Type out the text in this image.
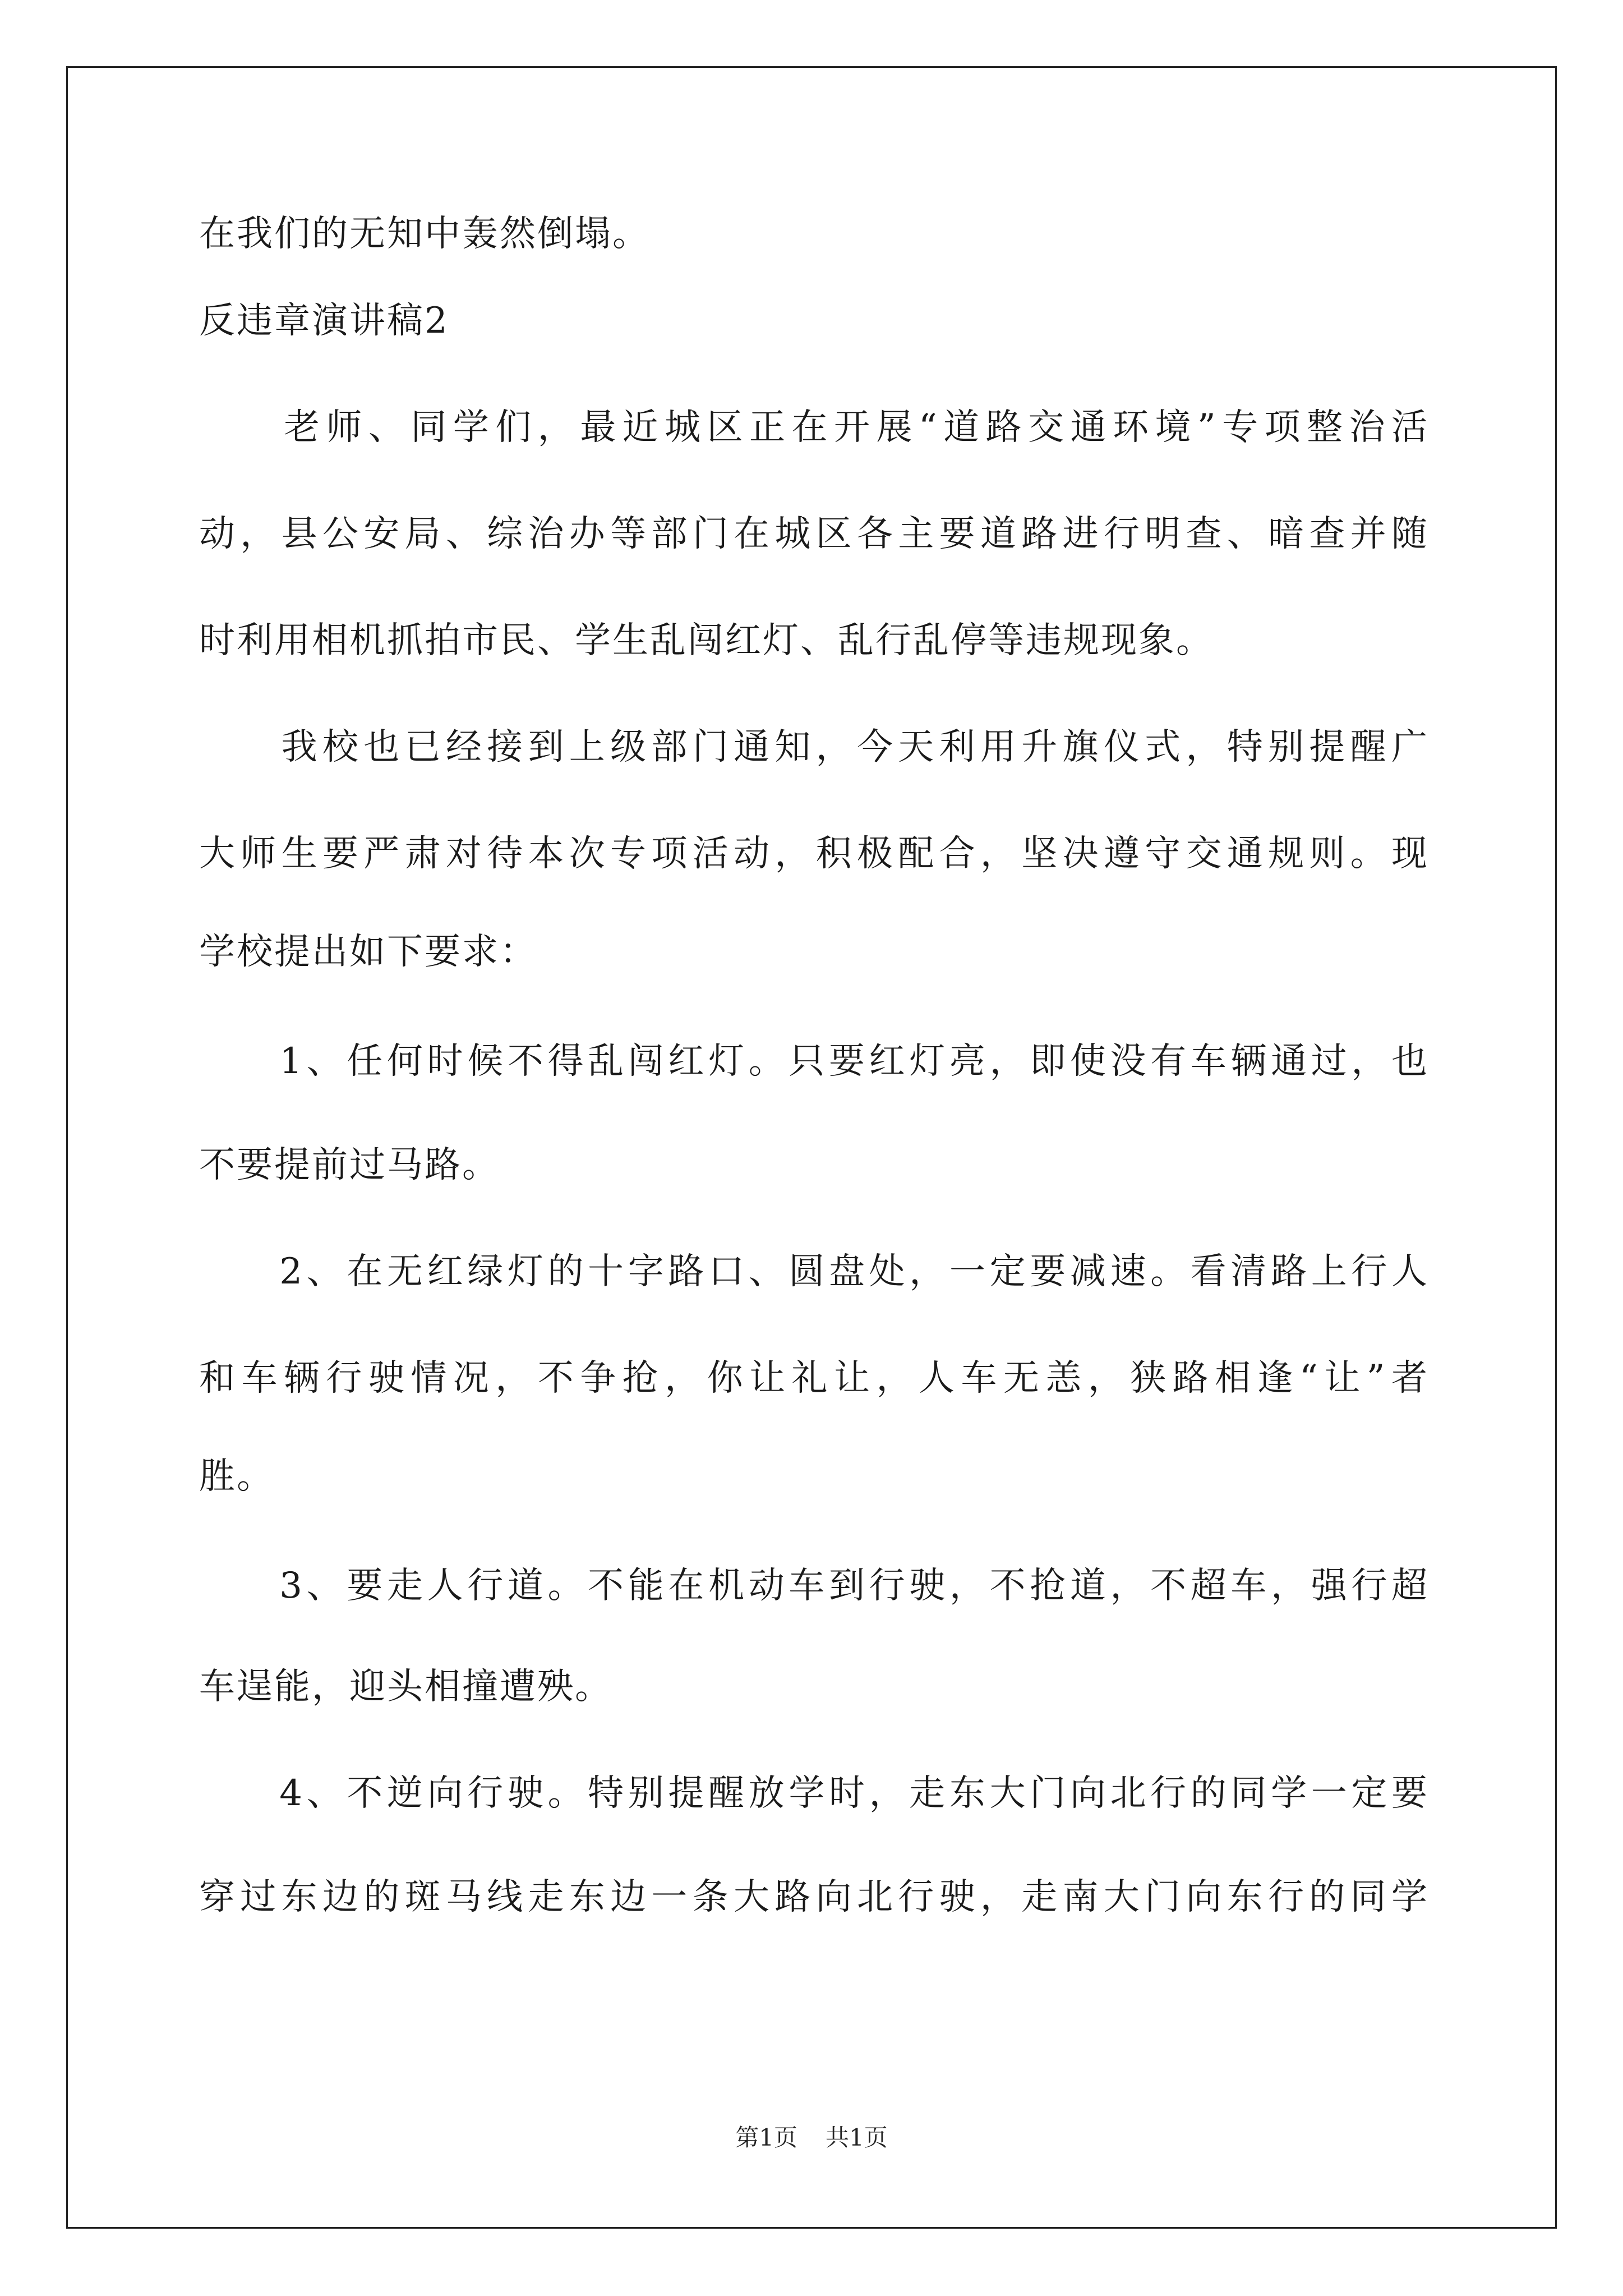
在我们的无知中轰然倒塌。
反违章演讲稿2
　　老师、同学们，最近城区正在开展“道路交通环境”专项整治活
动，县公安局、综治办等部门在城区各主要道路进行明查、暗查并随
时利用相机抓拍市民、学生乱闯红灯、乱行乱停等违规现象。
　　我校也已经接到上级部门通知，今天利用升旗仪式，特别提醒广
大师生要严肃对待本次专项活动，积极配合，坚决遵守交通规则。现
学校提出如下要求：
　　1、任何时候不得乱闯红灯。只要红灯亮，即使没有车辆通过，也
不要提前过马路。
　　2、在无红绿灯的十字路口、圆盘处，一定要减速。看清路上行人
和车辆行驶情况，不争抢，你让礼让，人车无恙，狭路相逢“让”者
胜。
　　3、要走人行道。不能在机动车到行驶，不抢道，不超车，强行超
车逞能，迎头相撞遭殃。
　　4、不逆向行驶。特别提醒放学时，走东大门向北行的同学一定要
穿过东边的斑马线走东边一条大路向北行驶，走南大门向东行的同学
第1页 共1页
